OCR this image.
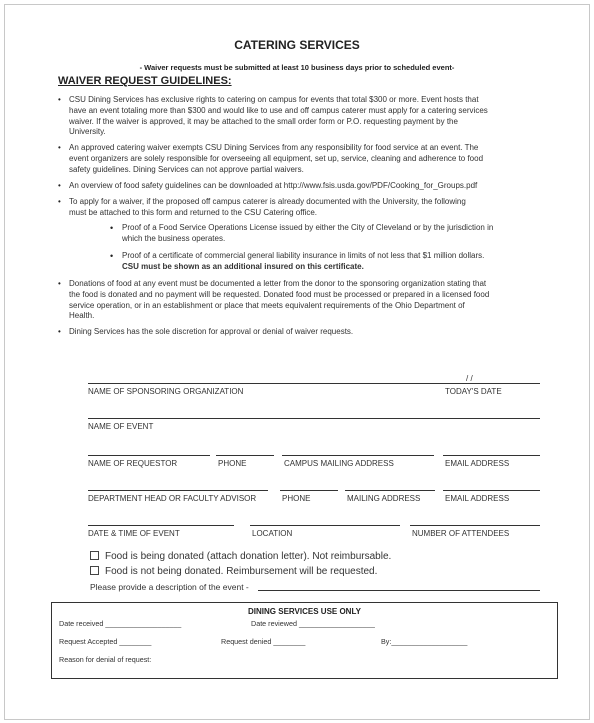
CATERING SERVICES
- Waiver requests must be submitted at least 10 business days prior to scheduled event-
WAIVER REQUEST GUIDELINES:
• CSU Dining Services has exclusive rights to catering on campus for events that total $300 or more. Event hosts that
have an event totaling more than $300 and would like to use and off campus caterer must apply for a catering services
waiver. If the waiver is approved, it may be attached to the small order form or P.O. requesting payment by the
University.
• An approved catering waiver exempts CSU Dining Services from any responsibility for food service at an event. The
event organizers are solely responsible for overseeing all equipment, set up, service, cleaning and adherence to food
safety guidelines. Dining Services can not approve partial waivers.
• An overview of food safety guidelines can be downloaded at http://www.fsis.usda.gov/PDF/Cooking_for_Groups.pdf
• To apply for a waiver, if the proposed off campus caterer is already documented with the University, the following
must be attached to this form and returned to the CSU Catering office.
• Proof of a Food Service Operations License issued by either the City of Cleveland or by the jurisdiction in
which the business operates.
• Proof of a certificate of commercial general liability insurance in limits of not less that $1 million dollars.
CSU must be shown as an additional insured on this certificate.
• Donations of food at any event must be documented a letter from the donor to the sponsoring organization stating that
the food is donated and no payment will be requested. Donated food must be processed or prepared in a licensed food
service operation, or in an establishment or place that meets equivalent requirements of the Ohio Department of
Health.
• Dining Services has the sole discretion for approval or denial of waiver requests.
/ /
NAME OF SPONSORING ORGANIZATION	TODAY'S DATE
NAME OF EVENT
NAME OF REQUESTOR	PHONE	CAMPUS MAILING ADDRESS	EMAIL ADDRESS
DEPARTMENT HEAD OR FACULTY ADVISOR	PHONE	MAILING ADDRESS	EMAIL ADDRESS
DATE & TIME OF EVENT	LOCATION	NUMBER OF ATTENDEES
Food is being donated (attach donation letter). Not reimbursable.
Food is not being donated. Reimbursement will be requested.
Please provide a description of the event -
DINING SERVICES USE ONLY
Date received ___________________	Date reviewed ___________________
Request Accepted ________	Request denied ________	By:___________________
Reason for denial of request:
